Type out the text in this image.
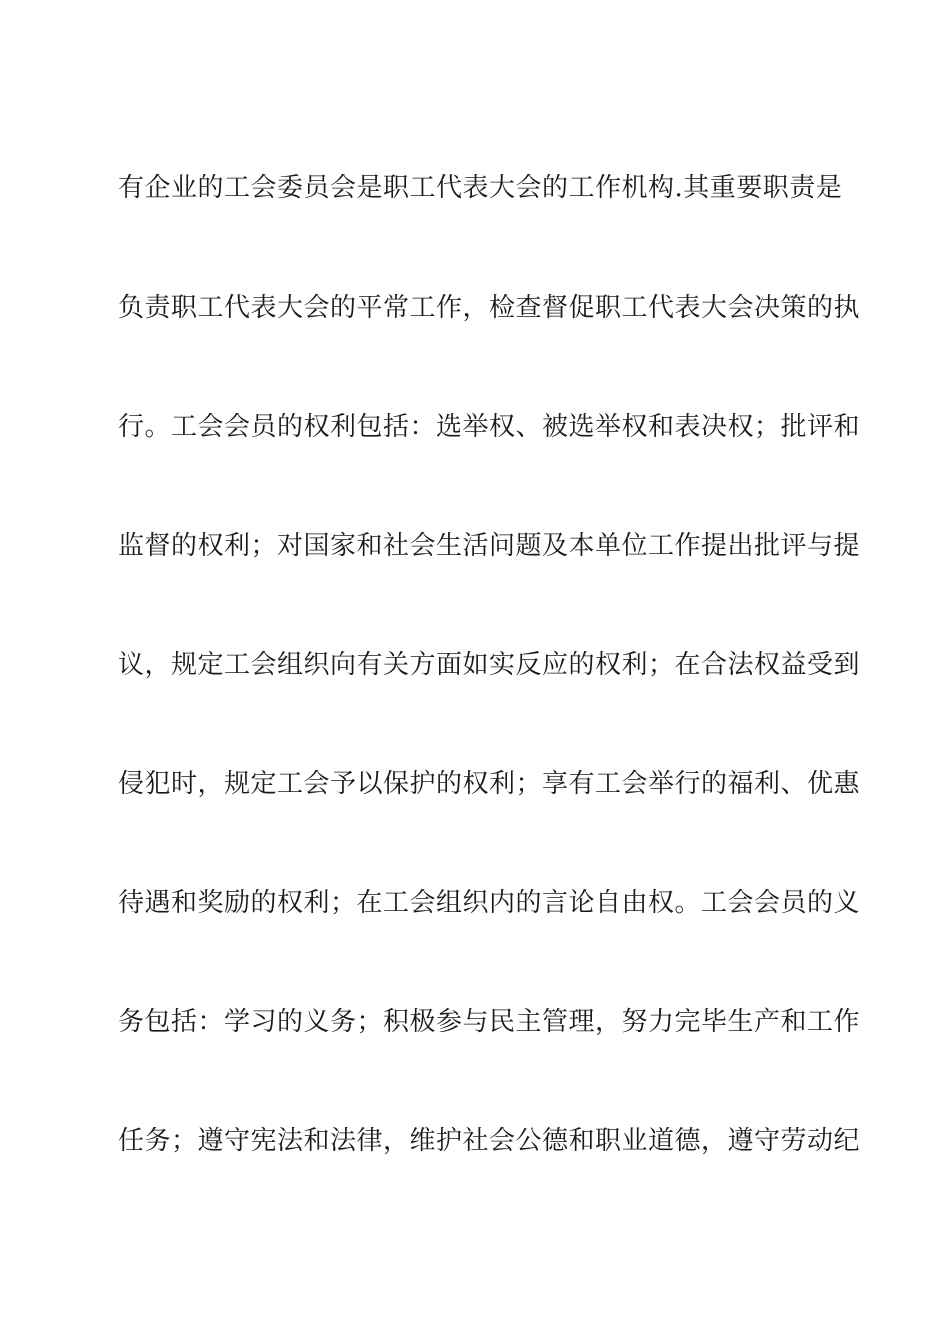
有企业的工会委员会是职工代表大会的工作机构.其重要职责是
负责职工代表大会的平常工作，检查督促职工代表大会决策的执
行。工会会员的权利包括：选举权、被选举权和表决权；批评和
监督的权利；对国家和社会生活问题及本单位工作提出批评与提
议，规定工会组织向有关方面如实反应的权利；在合法权益受到
侵犯时，规定工会予以保护的权利；享有工会举行的福利、优惠
待遇和奖励的权利；在工会组织内的言论自由权。工会会员的义
务包括：学习的义务；积极参与民主管理，努力完毕生产和工作
任务；遵守宪法和法律，维护社会公德和职业道德，遵守劳动纪
